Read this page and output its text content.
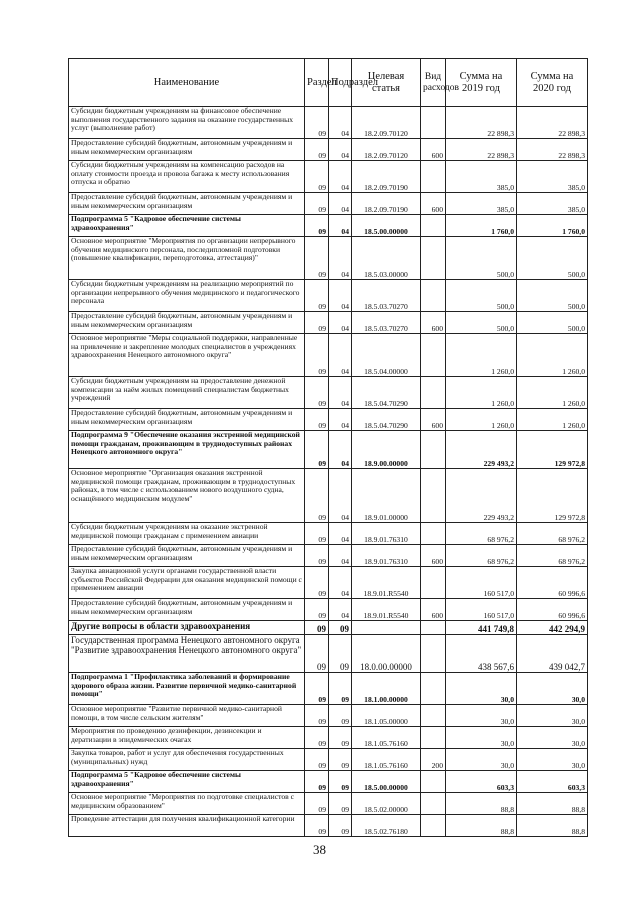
Наименование	Раздел	Подраздел	Целевая статья	Вид расходов	Сумма на 2019 год	Сумма на 2020 год
Субсидии бюджетным учреждениям на финансовое обеспечение выполнения государственного задания на оказание государственных услуг (выполнение работ)	09	04	18.2.09.70120		22 898,3	22 898,3
Предоставление субсидий бюджетным, автономным учреждениям и иным некоммерческим организациям	09	04	18.2.09.70120	600	22 898,3	22 898,3
Субсидии бюджетным учреждениям на компенсацию расходов на оплату стоимости проезда и провоза багажа к месту использования отпуска и обратно	09	04	18.2.09.70190		385,0	385,0
Предоставление субсидий бюджетным, автономным учреждениям и иным некоммерческим организациям	09	04	18.2.09.70190	600	385,0	385,0
Подпрограмма 5 "Кадровое обеспечение системы здравоохранения"	09	04	18.5.00.00000		1 760,0	1 760,0
Основное мероприятие "Мероприятия по организации непрерывного обучения медицинского персонала, последипломной подготовки (повышение квалификации, переподготовка, аттестация)"	09	04	18.5.03.00000		500,0	500,0
Субсидии бюджетным учреждениям на реализацию мероприятий по организации непрерывного обучения медицинского и педагогического персонала	09	04	18.5.03.70270		500,0	500,0
Предоставление субсидий бюджетным, автономным учреждениям и иным некоммерческим организациям	09	04	18.5.03.70270	600	500,0	500,0
Основное мероприятие "Меры социальной поддержки, направленные на привлечение и закрепление молодых специалистов в учреждениях здравоохранения Ненецкого автономного округа"	09	04	18.5.04.00000		1 260,0	1 260,0
Субсидии бюджетным учреждениям на предоставление денежной компенсации за наём жилых помещений специалистам бюджетных учреждений	09	04	18.5.04.70290		1 260,0	1 260,0
Предоставление субсидий бюджетным, автономным учреждениям и иным некоммерческим организациям	09	04	18.5.04.70290	600	1 260,0	1 260,0
Подпрограмма 9 "Обеспечение оказания экстренной медицинской помощи гражданам, проживающим в труднодоступных районах Ненецкого автономного округа"	09	04	18.9.00.00000		229 493,2	129 972,8
Основное мероприятие "Организация оказания экстренной медицинской помощи гражданам, проживающим в труднодоступных районах, в том числе с использованием нового воздушного судна, оснащённого медицинским модулем"	09	04	18.9.01.00000		229 493,2	129 972,8
Субсидии бюджетным учреждениям на оказание экстренной медицинской помощи гражданам с применением авиации	09	04	18.9.01.76310		68 976,2	68 976,2
Предоставление субсидий бюджетным, автономным учреждениям и иным некоммерческим организациям	09	04	18.9.01.76310	600	68 976,2	68 976,2
Закупка авиационной услуги органами государственной власти субъектов Российской Федерации для оказания медицинской помощи с применением авиации	09	04	18.9.01.R5540		160 517,0	60 996,6
Предоставление субсидий бюджетным, автономным учреждениям и иным некоммерческим организациям	09	04	18.9.01.R5540	600	160 517,0	60 996,6
Другие вопросы в области здравоохранения	09	09			441 749,8	442 294,9
Государственная программа Ненецкого автономного округа "Развитие здравоохранения Ненецкого автономного округа"	09	09	18.0.00.00000		438 567,6	439 042,7
Подпрограмма 1 "Профилактика заболеваний и формирование здорового образа жизни. Развитие первичной медико-санитарной помощи"	09	09	18.1.00.00000		30,0	30,0
Основное мероприятие "Развитие первичной медико-санитарной помощи, в том числе сельским жителям"	09	09	18.1.05.00000		30,0	30,0
Мероприятия по проведению дезинфекции, дезинсекции и дератизации в эпидемических очагах	09	09	18.1.05.76160		30,0	30,0
Закупка товаров, работ и услуг для обеспечения государственных (муниципальных) нужд	09	09	18.1.05.76160	200	30,0	30,0
Подпрограмма 5 "Кадровое обеспечение системы здравоохранения"	09	09	18.5.00.00000		603,3	603,3
Основное мероприятие "Мероприятия по подготовке специалистов с медицинским образованием"	09	09	18.5.02.00000		88,8	88,8
Проведение аттестации для получения квалификационной категории	09	09	18.5.02.76180		88,8	88,8
38
